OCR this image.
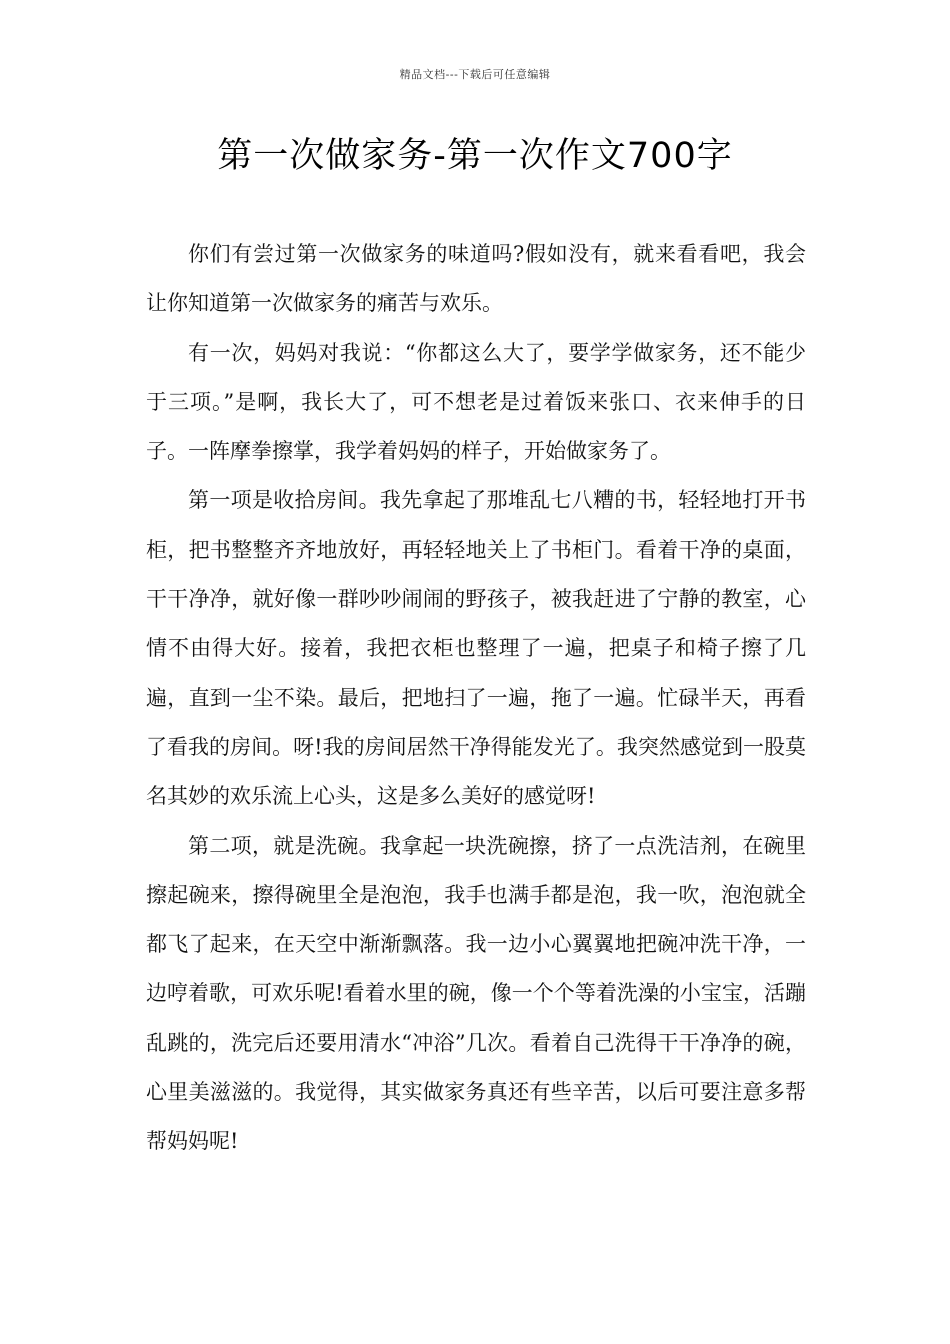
精品文档---下载后可任意编辑
第一次做家务-第一次作文700字

你们有尝过第一次做家务的味道吗?假如没有，就来看看吧，我会让你知道第一次做家务的痛苦与欢乐。

有一次，妈妈对我说：“你都这么大了，要学学做家务，还不能少于三项。”是啊，我长大了，可不想老是过着饭来张口、衣来伸手的日子。一阵摩拳擦掌，我学着妈妈的样子，开始做家务了。

第一项是收拾房间。我先拿起了那堆乱七八糟的书，轻轻地打开书柜，把书整整齐齐地放好，再轻轻地关上了书柜门。看着干净的桌面，干干净净，就好像一群吵吵闹闹的野孩子，被我赶进了宁静的教室，心情不由得大好。接着，我把衣柜也整理了一遍，把桌子和椅子擦了几遍，直到一尘不染。最后，把地扫了一遍，拖了一遍。忙碌半天，再看了看我的房间。呀!我的房间居然干净得能发光了。我突然感觉到一股莫名其妙的欢乐流上心头，这是多么美好的感觉呀!

第二项，就是洗碗。我拿起一块洗碗擦，挤了一点洗洁剂，在碗里擦起碗来，擦得碗里全是泡泡，我手也满手都是泡，我一吹，泡泡就全都飞了起来，在天空中渐渐飘落。我一边小心翼翼地把碗冲洗干净，一边哼着歌，可欢乐呢!看着水里的碗，像一个个等着洗澡的小宝宝，活蹦乱跳的，洗完后还要用清水“冲浴”几次。看着自己洗得干干净净的碗，心里美滋滋的。我觉得，其实做家务真还有些辛苦，以后可要注意多帮帮妈妈呢!
